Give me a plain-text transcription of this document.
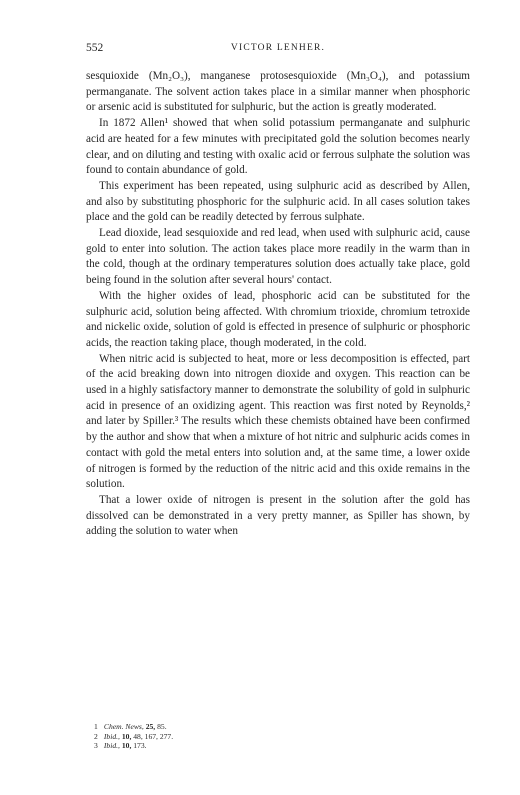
552	VICTOR LENHER.

sesquioxide (Mn₂O₃), manganese protosesquioxide (Mn₃O₄), and potassium permanganate. The solvent action takes place in a similar manner when phosphoric or arsenic acid is substituted for sulphuric, but the action is greatly moderated.

In 1872 Allen¹ showed that when solid potassium permanganate and sulphuric acid are heated for a few minutes with precipitated gold the solution becomes nearly clear, and on diluting and testing with oxalic acid or ferrous sulphate the solution was found to contain abundance of gold.

This experiment has been repeated, using sulphuric acid as described by Allen, and also by substituting phosphoric for the sulphuric acid. In all cases solution takes place and the gold can be readily detected by ferrous sulphate.

Lead dioxide, lead sesquioxide and red lead, when used with sulphuric acid, cause gold to enter into solution. The action takes place more readily in the warm than in the cold, though at the ordinary temperatures solution does actually take place, gold being found in the solution after several hours' contact.

With the higher oxides of lead, phosphoric acid can be substituted for the sulphuric acid, solution being affected. With chromium trioxide, chromium tetroxide and nickelic oxide, solution of gold is effected in presence of sulphuric or phosphoric acids, the reaction taking place, though moderated, in the cold.

When nitric acid is subjected to heat, more or less decomposition is effected, part of the acid breaking down into nitrogen dioxide and oxygen. This reaction can be used in a highly satisfactory manner to demonstrate the solubility of gold in sulphuric acid in presence of an oxidizing agent. This reaction was first noted by Reynolds,² and later by Spiller.³ The results which these chemists obtained have been confirmed by the author and show that when a mixture of hot nitric and sulphuric acids comes in contact with gold the metal enters into solution and, at the same time, a lower oxide of nitrogen is formed by the reduction of the nitric acid and this oxide remains in the solution.

That a lower oxide of nitrogen is present in the solution after the gold has dissolved can be demonstrated in a very pretty manner, as Spiller has shown, by adding the solution to water when

1 Chem. News, 25, 85.
2 Ibid., 10, 48, 167, 277.
3 Ibid., 10, 173.
